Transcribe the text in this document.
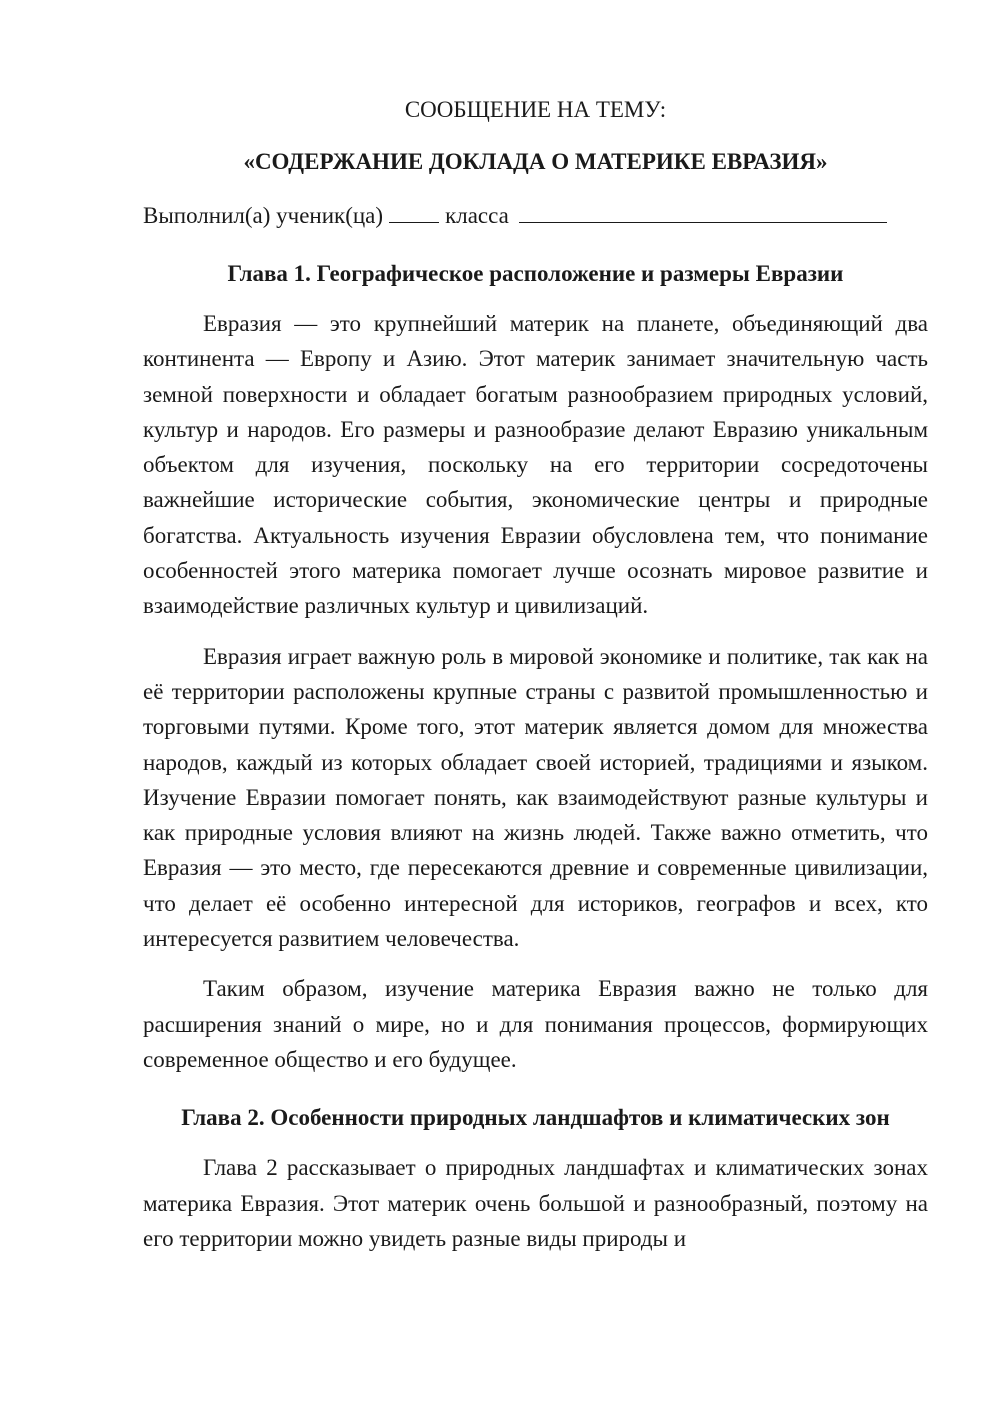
СООБЩЕНИЕ НА ТЕМУ:

«СОДЕРЖАНИЕ ДОКЛАДА О МАТЕРИКЕ ЕВРАЗИЯ»

Выполнил(а) ученик(ца)	класса

Глава 1. Географическое расположение и размеры Евразии

Евразия — это крупнейший материк на планете, объединяющий два континента — Европу и Азию. Этот материк занимает значительную часть земной поверхности и обладает богатым разнообразием природных условий, культур и народов. Его размеры и разнообразие делают Евразию уникальным объектом для изучения, поскольку на его территории сосредоточены важнейшие исторические события, экономические центры и природные богатства. Актуальность изучения Евразии обусловлена тем, что понимание особенностей этого материка помогает лучше осознать мировое развитие и взаимодействие различных культур и цивилизаций.

Евразия играет важную роль в мировой экономике и политике, так как на её территории расположены крупные страны с развитой промышленностью и торговыми путями. Кроме того, этот материк является домом для множества народов, каждый из которых обладает своей историей, традициями и языком. Изучение Евразии помогает понять, как взаимодействуют разные культуры и как природные условия влияют на жизнь людей. Также важно отметить, что Евразия — это место, где пересекаются древние и современные цивилизации, что делает её особенно интересной для историков, географов и всех, кто интересуется развитием человечества.

Таким образом, изучение материка Евразия важно не только для расширения знаний о мире, но и для понимания процессов, формирующих современное общество и его будущее.

Глава 2. Особенности природных ландшафтов и климатических зон

Глава 2 рассказывает о природных ландшафтах и климатических зонах материка Евразия. Этот материк очень большой и разнообразный, поэтому на его территории можно увидеть разные виды природы и
